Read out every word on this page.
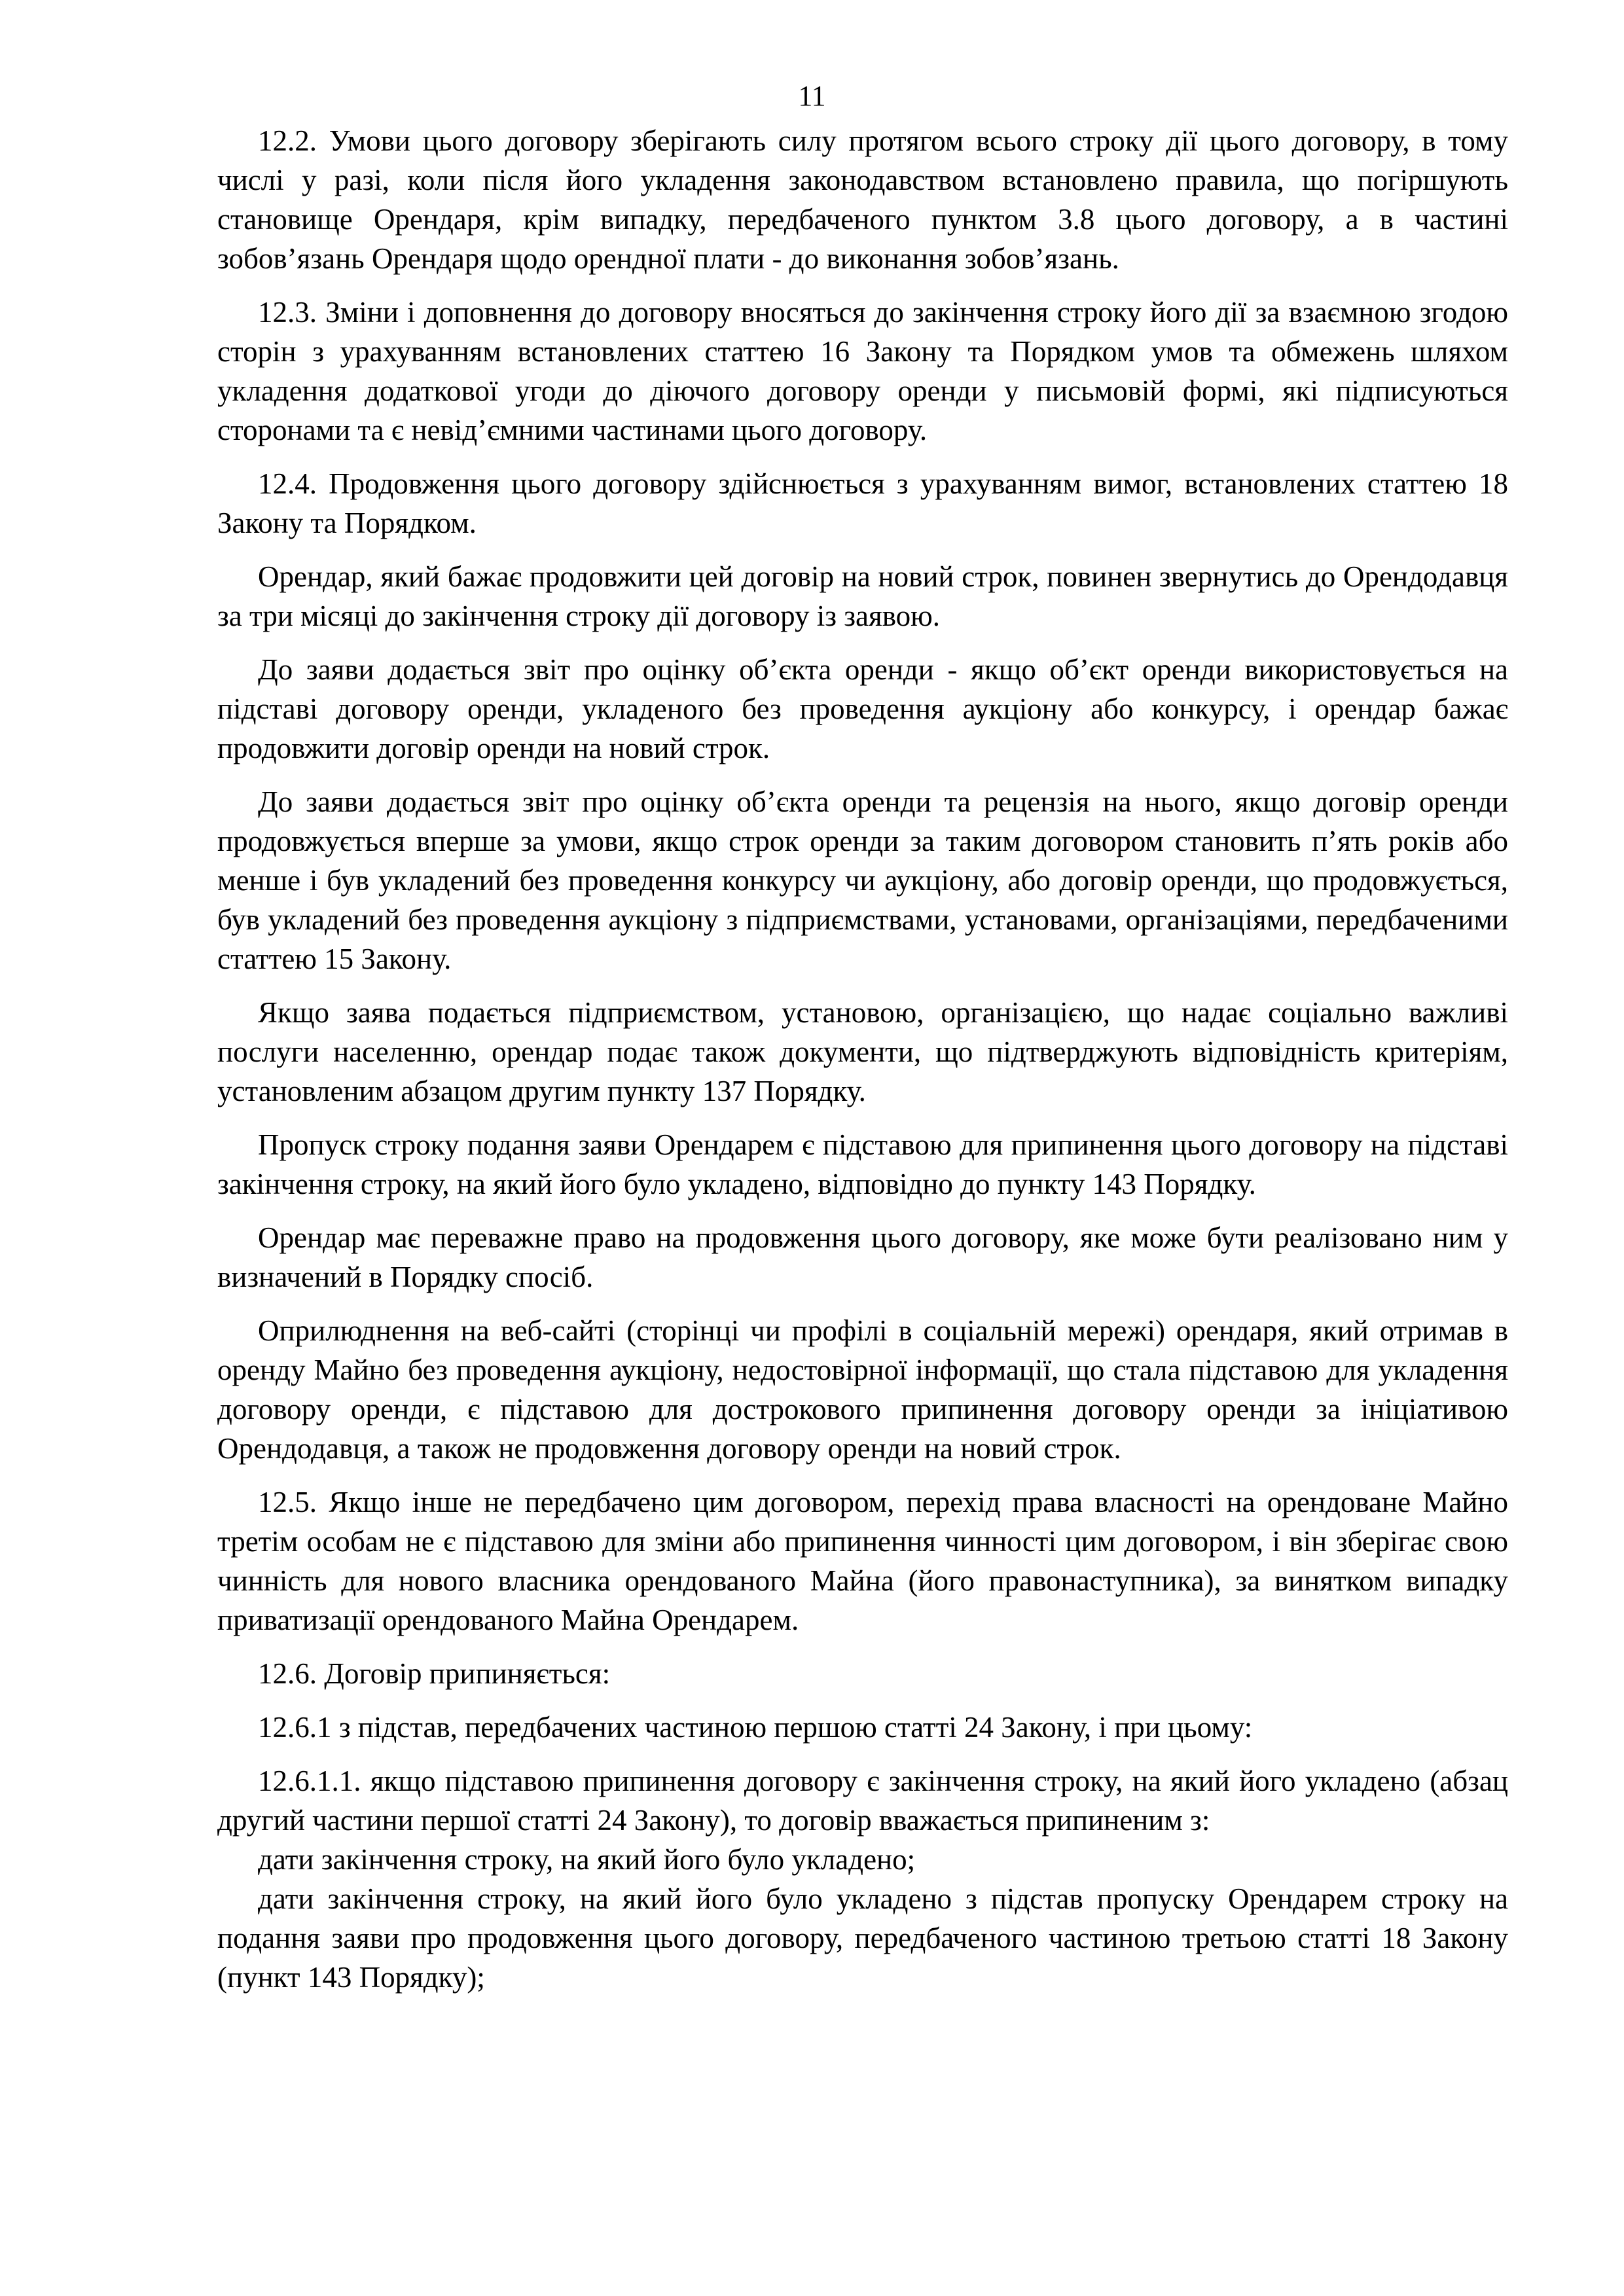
11

12.2. Умови цього договору зберігають силу протягом всього строку дії цього договору, в тому числі у разі, коли після його укладення законодавством встановлено правила, що погіршують становище Орендаря, крім випадку, передбаченого пунктом 3.8 цього договору, а в частині зобов’язань Орендаря щодо орендної плати - до виконання зобов’язань.

12.3. Зміни і доповнення до договору вносяться до закінчення строку його дії за взаємною згодою сторін з урахуванням встановлених статтею 16 Закону та Порядком умов та обмежень шляхом укладення додаткової угоди до діючого договору оренди у письмовій формі, які підписуються сторонами та є невід’ємними частинами цього договору.

12.4. Продовження цього договору здійснюється з урахуванням вимог, встановлених статтею 18 Закону та Порядком.

Орендар, який бажає продовжити цей договір на новий строк, повинен звернутись до Орендодавця за три місяці до закінчення строку дії договору із заявою.

До заяви додається звіт про оцінку об’єкта оренди - якщо об’єкт оренди використовується на підставі договору оренди, укладеного без проведення аукціону або конкурсу, і орендар бажає продовжити договір оренди на новий строк.

До заяви додається звіт про оцінку об’єкта оренди та рецензія на нього, якщо договір оренди продовжується вперше за умови, якщо строк оренди за таким договором становить п’ять років або менше і був укладений без проведення конкурсу чи аукціону, або договір оренди, що продовжується, був укладений без проведення аукціону з підприємствами, установами, організаціями, передбаченими статтею 15 Закону.

Якщо заява подається підприємством, установою, організацією, що надає соціально важливі послуги населенню, орендар подає також документи, що підтверджують відповідність критеріям, установленим абзацом другим пункту 137 Порядку.

Пропуск строку подання заяви Орендарем є підставою для припинення цього договору на підставі закінчення строку, на який його було укладено, відповідно до пункту 143 Порядку.

Орендар має переважне право на продовження цього договору, яке може бути реалізовано ним у визначений в Порядку спосіб.

Оприлюднення на веб-сайті (сторінці чи профілі в соціальній мережі) орендаря, який отримав в оренду Майно без проведення аукціону, недостовірної інформації, що стала підставою для укладення договору оренди, є підставою для дострокового припинення договору оренди за ініціативою Орендодавця, а також не продовження договору оренди на новий строк.

12.5. Якщо інше не передбачено цим договором, перехід права власності на орендоване Майно третім особам не є підставою для зміни або припинення чинності цим договором, і він зберігає свою чинність для нового власника орендованого Майна (його правонаступника), за винятком випадку приватизації орендованого Майна Орендарем.

12.6. Договір припиняється:

12.6.1 з підстав, передбачених частиною першою статті 24 Закону, і при цьому:

12.6.1.1. якщо підставою припинення договору є закінчення строку, на який його укладено (абзац другий частини першої статті 24 Закону), то договір вважається припиненим з:

дати закінчення строку, на який його було укладено;

дати закінчення строку, на який його було укладено з підстав пропуску Орендарем строку на подання заяви про продовження цього договору, передбаченого частиною третьою статті 18 Закону (пункт 143 Порядку);
